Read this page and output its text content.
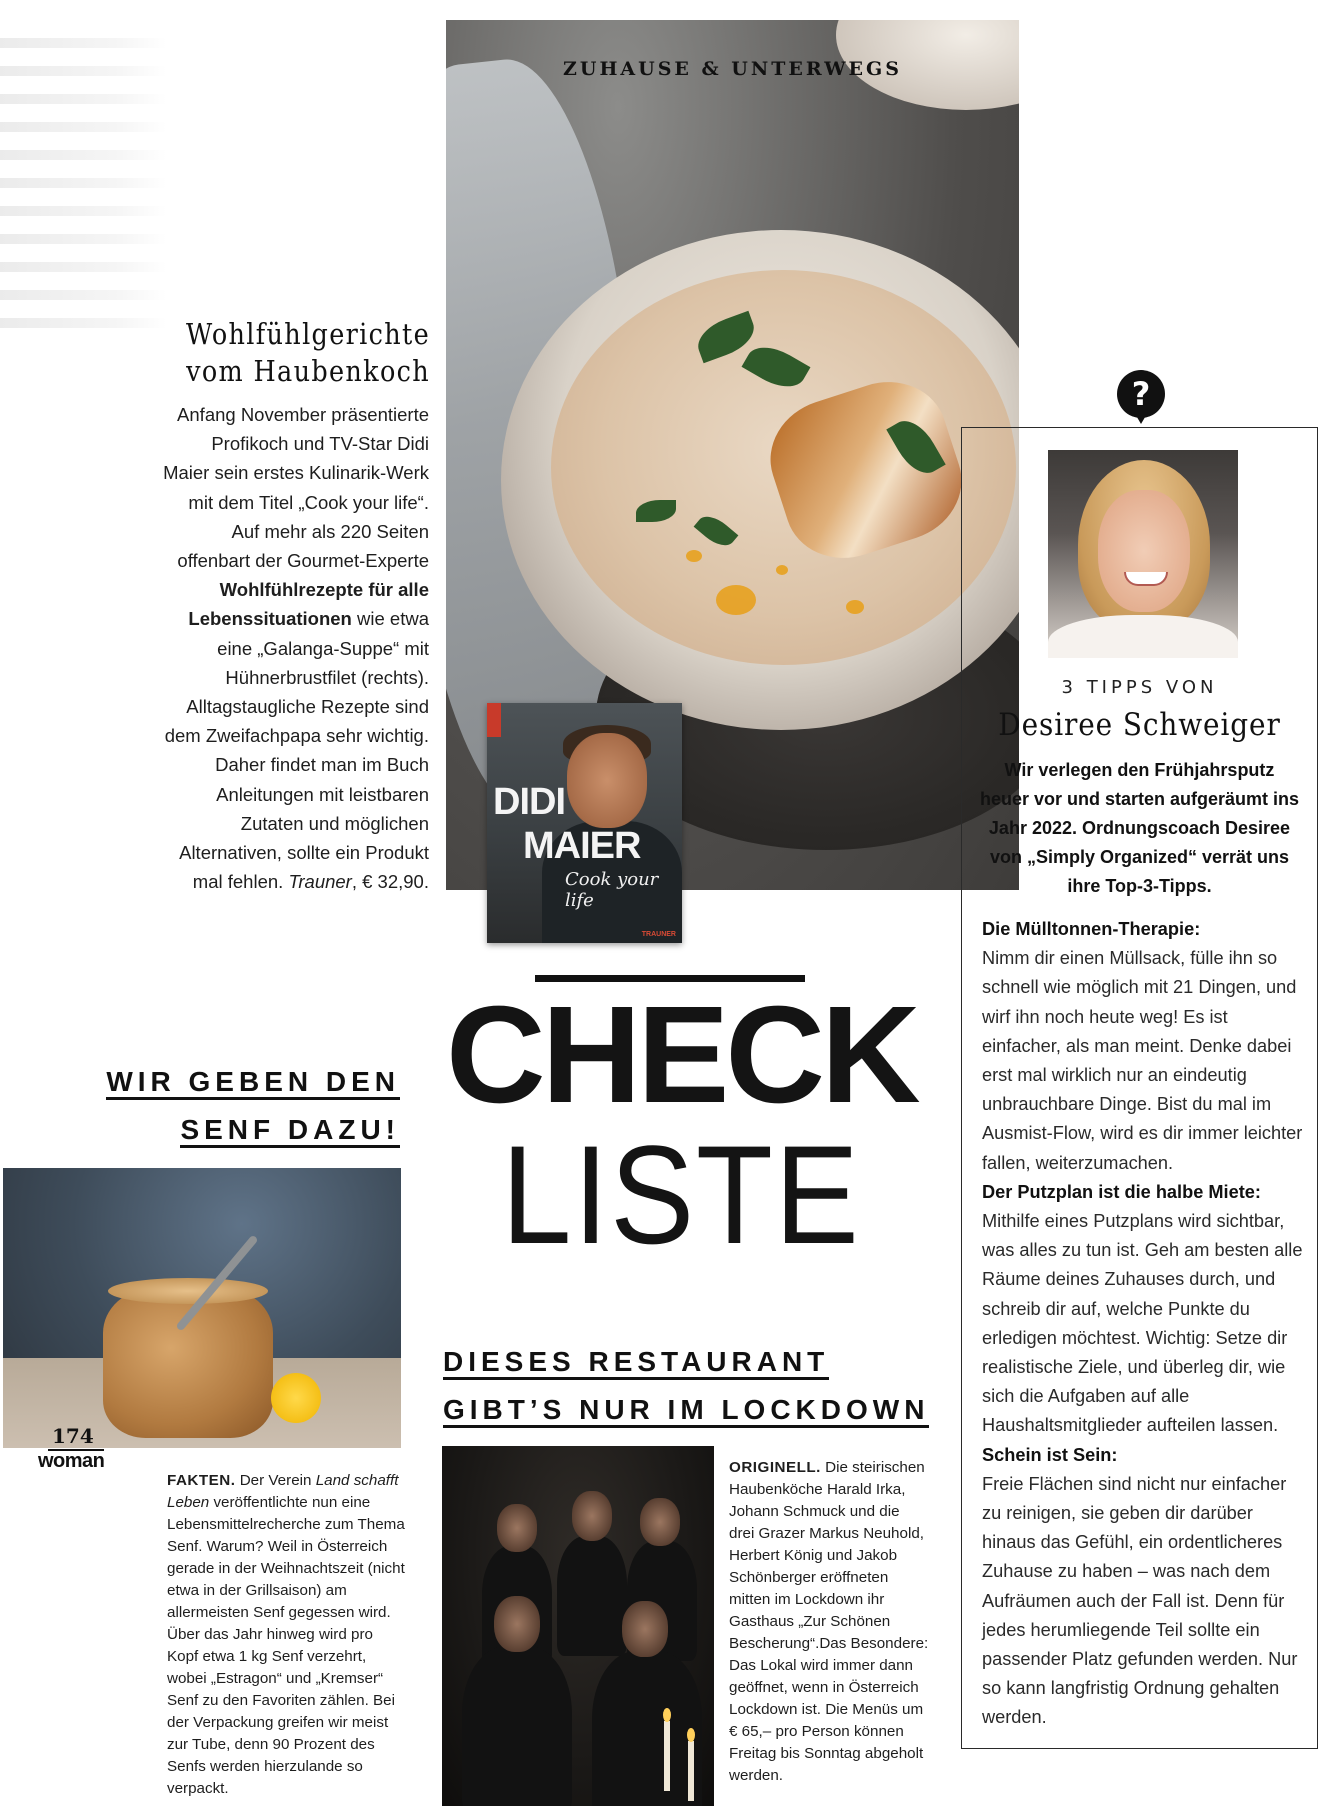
ZUHAUSE & UNTERWEGS
DIDI
MAIER
Cook your life
TRAUNER
Wohlfühlgerichte
vom Haubenkoch
Anfang November präsentierte Profikoch und TV-Star Didi Maier sein erstes Kulinarik-Werk mit dem Titel „Cook your life“. Auf mehr als 220 Seiten offenbart der Gourmet-Experte Wohlfühlrezepte für alle Lebenssituationen wie etwa eine „Galanga-Suppe“ mit Hühnerbrustfilet (rechts). Alltagstaugliche Rezepte sind dem Zweifachpapa sehr wichtig. Daher findet man im Buch Anleitungen mit leistbaren Zutaten und möglichen Alternativen, sollte ein Produkt mal fehlen. Trauner, € 32,90.
?
3 TIPPS VON
Desiree Schweiger
Wir verlegen den Frühjahrsputz heuer vor und starten aufgeräumt ins Jahr 2022. Ordnungscoach Desiree von „Simply Organized“ verrät uns ihre Top-3-Tipps.
Die Mülltonnen-Therapie:
Nimm dir einen Müllsack, fülle ihn so schnell wie möglich mit 21 Dingen, und wirf ihn noch heute weg! Es ist einfacher, als man meint. Denke dabei erst mal wirklich nur an eindeutig unbrauchbare Dinge. Bist du mal im Ausmist-Flow, wird es dir immer leichter fallen, weiterzumachen.
Der Putzplan ist die halbe Miete:
Mithilfe eines Putzplans wird sichtbar, was alles zu tun ist. Geh am besten alle Räume deines Zuhauses durch, und schreib dir auf, welche Punkte du erledigen möchtest. Wichtig: Setze dir realistische Ziele, und überleg dir, wie sich die Aufgaben auf alle Haushaltsmitglieder aufteilen lassen.
Schein ist Sein:
Freie Flächen sind nicht nur einfacher zu reinigen, sie geben dir darüber hinaus das Gefühl, ein ordentlicheres Zuhause zu haben – was nach dem Aufräumen auch der Fall ist. Denn für jedes herumliegende Teil sollte ein passender Platz gefunden werden. Nur so kann langfristig Ordnung gehalten werden.
CHECK
LISTE
WIR GEBEN DEN
SENF DAZU!
174
woman
FAKTEN. Der Verein Land schafft Leben veröffentlichte nun eine Lebensmittelrecherche zum Thema Senf. Warum? Weil in Österreich gerade in der Weihnachtszeit (nicht etwa in der Grillsaison) am allermeisten Senf gegessen wird. Über das Jahr hinweg wird pro Kopf etwa 1 kg Senf verzehrt, wobei „Estragon“ und „Kremser“ Senf zu den Favoriten zählen. Bei der Verpackung greifen wir meist zur Tube, denn 90 Prozent des Senfs werden hierzulande so verpackt.
DIESES RESTAURANT
GIBT’S NUR IM LOCKDOWN
ORIGINELL. Die steirischen Haubenköche Harald Irka, Johann Schmuck und die drei Grazer Markus Neuhold, Herbert König und Jakob Schönberger eröffneten mitten im Lockdown ihr Gasthaus „Zur Schönen Bescherung“.Das Besondere: Das Lokal wird immer dann geöffnet, wenn in Österreich Lockdown ist. Die Menüs um € 65,– pro Person können Freitag bis Sonntag abgeholt werden.
